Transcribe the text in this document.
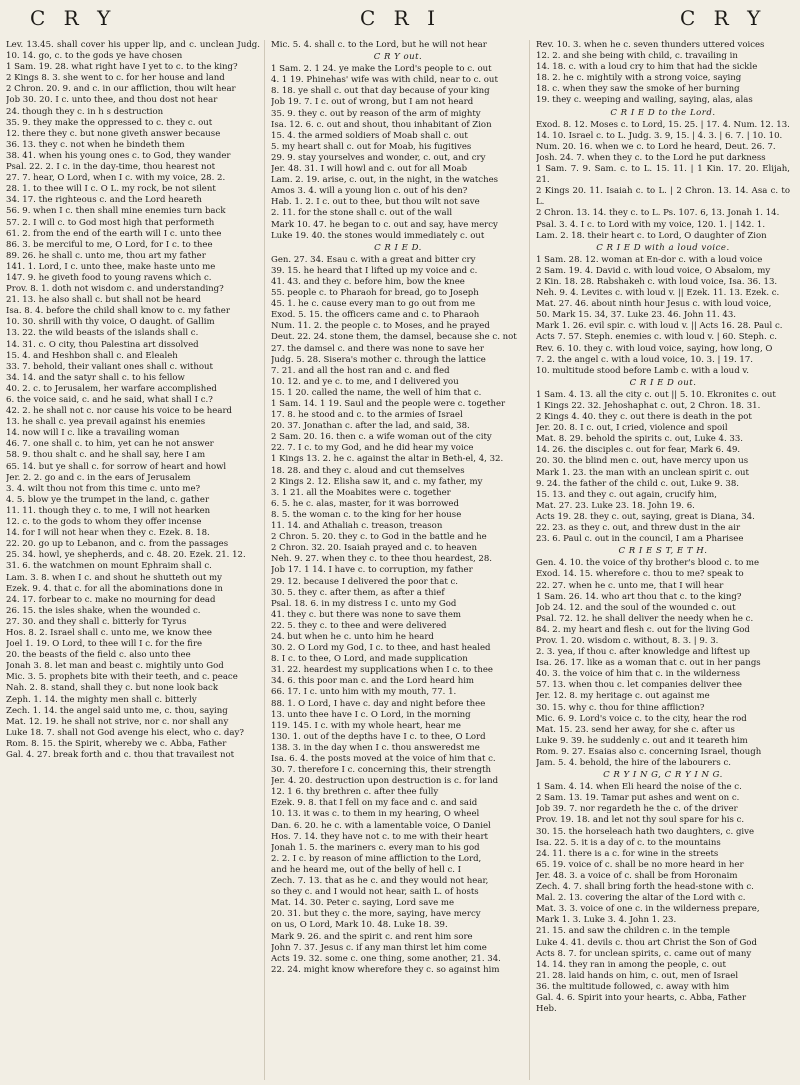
C R Y	C R I	C R Y

Lev. 13.45. shall cover his upper lip, and c. unclean Judg. 10. 14. go, c. to the gods ye have chosen

1 Sam. 19. 28. what right have I yet to c. to the king?

2 Kings 8. 3. she went to c. for her house and land

2 Chron. 20. 9. and c. in our affliction, thou wilt hear

Job 30. 20. I c. unto thee, and thou dost not hear

24. though they c. in h s destruction

35. 9. they make the oppressed to c. they c. out

12. there they c. but none giveth answer because

36. 13. they c. not when he bindeth them

38. 41. when his young ones c. to God, they wander

Psal. 22. 2. I c. in the day-time, thou hearest not

27. 7. hear, O Lord, when I c. with my voice, 28. 2.

28. 1. to thee will I c. O L. my rock, be not silent

34. 17. the righteous c. and the Lord heareth

56. 9. when I c. then shall mine enemies turn back

57. 2. I will c. to God most high that performeth

61. 2. from the end of the earth will I c. unto thee

86. 3. be merciful to me, O Lord, for I c. to thee

89. 26. he shall c. unto me, thou art my father

141. 1. Lord, I c. unto thee, make haste unto me

147. 9. he giveth food to young ravens which c.

Prov. 8. 1. doth not wisdom c. and understanding?

21. 13. he also shall c. but shall not be heard

Isa. 8. 4. before the child shall know to c. my father

10. 30. shrill with thy voice, O daught. of Gallim

13. 22. the wild beasts of the islands shall c.

14. 31. c. O city, thou Palestina art dissolved

15. 4. and Heshbon shall c. and Elealeh

33. 7. behold, their valiant ones shall c. without

34. 14. and the satyr shall c. to his fellow

40. 2. c. to Jerusalem, her warfare accomplished

6. the voice said, c. and he said, what shall I c.?

42. 2. he shall not c. nor cause his voice to be heard

13. he shall c. yea prevail against his enemies

14. now will I c. like a travailing woman

46. 7. one shall c. to him, yet can he not answer

58. 9. thou shalt c. and he shall say, here I am

65. 14. but ye shall c. for sorrow of heart and howl

Jer. 2. 2. go and c. in the ears of Jerusalem

3. 4. wilt thou not from this time c. unto me?

4. 5. blow ye the trumpet in the land, c. gather

11. 11. though they c. to me, I will not hearken

12. c. to the gods to whom they offer incense

14. for I will not hear when they c. Ezek. 8. 18.

22. 20. go up to Lebanon, and c. from the passages

25. 34. howl, ye shepherds, and c. 48. 20. Ezek. 21. 12.

31. 6. the watchmen on mount Ephraim shall c.

Lam. 3. 8. when I c. and shout he shutteth out my

Ezek. 9. 4. that c. for all the abominations done in

24. 17. forbear to c. make no mourning for dead

26. 15. the isles shake, when the wounded c.

27. 30. and they shall c. bitterly for Tyrus

Hos. 8. 2. Israel shall c. unto me, we know thee

Joel 1. 19. O Lord, to thee will I c. for the fire

20. the beasts of the field c. also unto thee

Jonah 3. 8. let man and beast c. mightily unto God

Mic. 3. 5. prophets bite with their teeth, and c. peace

Nah. 2. 8. stand, shall they c. but none look back

Zeph. 1. 14. the mighty men shall c. bitterly

Zech. 1. 14. the angel said unto me, c. thou, saying

Mat. 12. 19. he shall not strive, nor c. nor shall any

Luke 18. 7. shall not God avenge his elect, who c. day?

Rom. 8. 15. the Spirit, whereby we c. Abba, Father

Gal. 4. 27. break forth and c. thou that travailest not

Mic. 5. 4. shall c. to the Lord, but he will not hear

C R Y out.

1 Sam. 2. 1 24. ye make the Lord's people to c. out

4. 1 19. Phinehas' wife was with child, near to c. out

8. 18. ye shall c. out that day because of your king

Job 19. 7. I c. out of wrong, but I am not heard

35. 9. they c. out by reason of the arm of mighty

Isa. 12. 6. c. out and shout, thou inhabitant of Zion

15. 4. the armed soldiers of Moab shall c. out

5. my heart shall c. out for Moab, his fugitives

29. 9. stay yourselves and wonder, c. out, and cry

Jer. 48. 31. I will howl and c. out for all Moab

Lam. 2. 19. arise, c. out, in the night, in the watches

Amos 3. 4. will a young lion c. out of his den?

Hab. 1. 2. I c. out to thee, but thou wilt not save

2. 11. for the stone shall c. out of the wall

Mark 10. 47. he began to c. out and say, have mercy

Luke 19. 40. the stones would immediately c. out

C R I E D.

Gen. 27. 34. Esau c. with a great and bitter cry

39. 15. he heard that I lifted up my voice and c.

41. 43. and they c. before him, bow the knee

55. people c. to Pharaoh for bread, go to Joseph

45. 1. he c. cause every man to go out from me

Exod. 5. 15. the officers came and c. to Pharaoh

Num. 11. 2. the people c. to Moses, and he prayed

Deut. 22. 24. stone them, the damsel, because she c. not

27. the damsel c. and there was none to save her

Judg. 5. 28. Sisera's mother c. through the lattice

7. 21. and all the host ran and c. and fled

10. 12. and ye c. to me, and I delivered you

15. 1 20. called the name, the well of him that c.

1 Sam. 14. 1 19. Saul and the people were c. together

17. 8. he stood and c. to the armies of Israel

20. 37. Jonathan c. after the lad, and said, 38.

2 Sam. 20. 16. then c. a wife woman out of the city

22. 7. I c. to my God, and he did hear my voice

1 Kings 13. 2. he c. against the altar in Beth-el, 4, 32.

18. 28. and they c. aloud and cut themselves

2 Kings 2. 12. Elisha saw it, and c. my father, my

3. 1 21. all the Moabites were c. together

6. 5. he c. alas, master, for it was borrowed

8. 5. the woman c. to the king for her house

11. 14. and Athaliah c. treason, treason

2 Chron. 5. 20. they c. to God in the battle and he

2 Chron. 32. 20. Isaiah prayed and c. to heaven

Neh. 9. 27. when they c. to thee thou heardest, 28.

Job 17. 1 14. I have c. to corruption, my father

29. 12. because I delivered the poor that c.

30. 5. they c. after them, as after a thief

Psal. 18. 6. in my distress I c. unto my God

41. they c. but there was none to save them

22. 5. they c. to thee and were delivered

24. but when he c. unto him he heard

30. 2. O Lord my God, I c. to thee, and hast healed

8. I c. to thee, O Lord, and made supplication

31. 22. heardest my supplications when I c. to thee

34. 6. this poor man c. and the Lord heard him

66. 17. I c. unto him with my mouth, 77. 1.

88. 1. O Lord, I have c. day and night before thee

13. unto thee have I c. O Lord, in the morning

119. 145. I c. with my whole heart, hear me

130. 1. out of the depths have I c. to thee, O Lord

138. 3. in the day when I c. thou answeredst me

Isa. 6. 4. the posts moved at the voice of him that c.

30. 7. therefore I c. concerning this, their strength

Jer. 4. 20. destruction upon destruction is c. for land

12. 1 6. thy brethren c. after thee fully

Ezek. 9. 8. that I fell on my face and c. and said

10. 13. it was c. to them in my hearing, O wheel

Dan. 6. 20. he c. with a lamentable voice, O Daniel

Hos. 7. 14. they have not c. to me with their heart

Jonah 1. 5. the mariners c. every man to his god

2. 2. I c. by reason of mine affliction to the Lord,

and he heard me, out of the belly of hell c. I

Zech. 7. 13. that as he c. and they would not hear,

so they c. and I would not hear, saith L. of hosts

Mat. 14. 30. Peter c. saying, Lord save me

20. 31. but they c. the more, saying, have mercy

on us, O Lord, Mark 10. 48. Luke 18. 39.

Mark 9. 26. and the spirit c. and rent him sore

John 7. 37. Jesus c. if any man thirst let him come

Acts 19. 32. some c. one thing, some another, 21. 34.

22. 24. might know wherefore they c. so against him

Rev. 10. 3. when he c. seven thunders uttered voices

12. 2. and she being with child, c. travailing in

14. 18. c. with a loud cry to him that had the sickle

18. 2. he c. mightily with a strong voice, saying

18. c. when they saw the smoke of her burning

19. they c. weeping and wailing, saying, alas, alas

C R I E D to the Lord.

Exod. 8. 12. Moses c. to Lord, 15. 25. | 17. 4. Num. 12. 13.

14. 10. Israel c. to L. Judg. 3. 9, 15. | 4. 3. | 6. 7. | 10. 10.

Num. 20. 16. when we c. to Lord he heard, Deut. 26. 7.

Josh. 24. 7. when they c. to the Lord he put darkness

1 Sam. 7. 9. Sam. c. to L. 15. 11. | 1 Kin. 17. 20. Elijah, 21.

2 Kings 20. 11. Isaiah c. to L. | 2 Chron. 13. 14. Asa c. to L.

2 Chron. 13. 14. they c. to L. Ps. 107. 6, 13. Jonah 1. 14.

Psal. 3. 4. I c. to Lord with my voice, 120. 1. | 142. 1.

Lam. 2. 18. their heart c. to Lord, O daughter of Zion

C R I E D with a loud voice.

1 Sam. 28. 12. woman at En-dor c. with a loud voice

2 Sam. 19. 4. David c. with loud voice, O Absalom, my

2 Kin. 18. 28. Rabshakeh c. with loud voice, Isa. 36. 13.

Neh. 9. 4. Levites c. with loud v. || Ezek. 11. 13. Ezek. c.

Mat. 27. 46. about ninth hour Jesus c. with loud voice,

50. Mark 15. 34, 37. Luke 23. 46. John 11. 43.

Mark 1. 26. evil spir. c. with loud v. || Acts 16. 28. Paul c.

Acts 7. 57. Steph. enemies c. with loud v. | 60. Steph. c.

Rev. 6. 10. they c. with loud voice, saying, how long, O

7. 2. the angel c. with a loud voice, 10. 3. | 19. 17.

10. multitude stood before Lamb c. with a loud v.

C R I E D out.

1 Sam. 4. 13. all the city c. out || 5. 10. Ekronites c. out

1 Kings 22. 32. Jehoshaphat c. out, 2 Chron. 18. 31.

2 Kings 4. 40. they c. out there is death in the pot

Jer. 20. 8. I c. out, I cried, violence and spoil

Mat. 8. 29. behold the spirits c. out, Luke 4. 33.

14. 26. the disciples c. out for fear, Mark 6. 49.

20. 30. the blind men c. out, have mercy upon us

Mark 1. 23. the man with an unclean spirit c. out

9. 24. the father of the child c. out, Luke 9. 38.

15. 13. and they c. out again, crucify him,

Mat. 27. 23. Luke 23. 18. John 19. 6.

Acts 19. 28. they c. out, saying, great is Diana, 34.

22. 23. as they c. out, and threw dust in the air

23. 6. Paul c. out in the council, I am a Pharisee

C R I E S T, E T H.

Gen. 4. 10. the voice of thy brother's blood c. to me

Exod. 14. 15. wherefore c. thou to me? speak to

22. 27. when he c. unto me, that I will hear

1 Sam. 26. 14. who art thou that c. to the king?

Job 24. 12. and the soul of the wounded c. out

Psal. 72. 12. he shall deliver the needy when he c.

84. 2. my heart and flesh c. out for the living God

Prov. 1. 20. wisdom c. without, 8. 3. | 9. 3.

2. 3. yea, if thou c. after knowledge and liftest up

Isa. 26. 17. like as a woman that c. out in her pangs

40. 3. the voice of him that c. in the wilderness

57. 13. when thou c. let companies deliver thee

Jer. 12. 8. my heritage c. out against me

30. 15. why c. thou for thine affliction?

Mic. 6. 9. Lord's voice c. to the city, hear the rod

Mat. 15. 23. send her away, for she c. after us

Luke 9. 39. he suddenly c. out and it teareth him

Rom. 9. 27. Esaias also c. concerning Israel, though

Jam. 5. 4. behold, the hire of the labourers c.

C R Y I N G, C R Y I N G.

1 Sam. 4. 14. when Eli heard the noise of the c.

2 Sam. 13. 19. Tamar put ashes and went on c.

Job 39. 7. nor regardeth he the c. of the driver

Prov. 19. 18. and let not thy soul spare for his c.

30. 15. the horseleach hath two daughters, c. give

Isa. 22. 5. it is a day of c. to the mountains

24. 11. there is a c. for wine in the streets

65. 19. voice of c. shall be no more heard in her

Jer. 48. 3. a voice of c. shall be from Horonaim

Zech. 4. 7. shall bring forth the head-stone with c.

Mal. 2. 13. covering the altar of the Lord with c.

Mat. 3. 3. voice of one c. in the wilderness prepare,

Mark 1. 3. Luke 3. 4. John 1. 23.

21. 15. and saw the children c. in the temple

Luke 4. 41. devils c. thou art Christ the Son of God

Acts 8. 7. for unclean spirits, c. came out of many

14. 14. they ran in among the people, c. out

21. 28. laid hands on him, c. out, men of Israel

36. the multitude followed, c. away with him

Gal. 4. 6. Spirit into your hearts, c. Abba, Father

Heb.
